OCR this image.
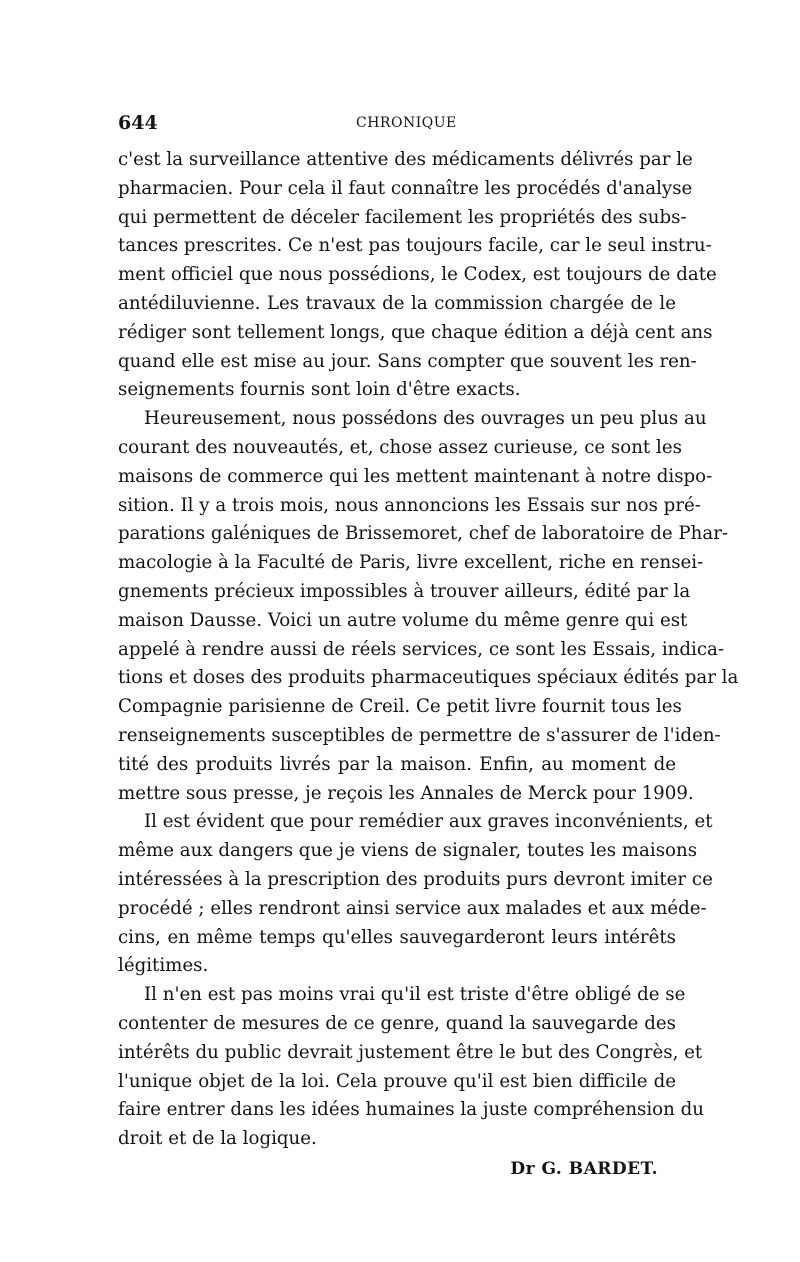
644	CHRONIQUE
c'est la surveillance attentive des médicaments délivrés par le
pharmacien. Pour cela il faut connaître les procédés d'analyse
qui permettent de déceler facilement les propriétés des subs-
tances prescrites. Ce n'est pas toujours facile, car le seul instru-
ment officiel que nous possédions, le Codex, est toujours de date
antédiluvienne. Les travaux de la commission chargée de le
rédiger sont tellement longs, que chaque édition a déjà cent ans
quand elle est mise au jour. Sans compter que souvent les ren-
seignements fournis sont loin d'être exacts.
Heureusement, nous possédons des ouvrages un peu plus au
courant des nouveautés, et, chose assez curieuse, ce sont les
maisons de commerce qui les mettent maintenant à notre dispo-
sition. Il y a trois mois, nous annoncions les Essais sur nos pré-
parations galéniques de Brissemoret, chef de laboratoire de Phar-
macologie à la Faculté de Paris, livre excellent, riche en rensei-
gnements précieux impossibles à trouver ailleurs, édité par la
maison Dausse. Voici un autre volume du même genre qui est
appelé à rendre aussi de réels services, ce sont les Essais, indica-
tions et doses des produits pharmaceutiques spéciaux édités par la
Compagnie parisienne de Creil. Ce petit livre fournit tous les
renseignements susceptibles de permettre de s'assurer de l'iden-
tité des produits livrés par la maison. Enfin, au moment de
mettre sous presse, je reçois les Annales de Merck pour 1909.
Il est évident que pour remédier aux graves inconvénients, et
même aux dangers que je viens de signaler, toutes les maisons
intéressées à la prescription des produits purs devront imiter ce
procédé ; elles rendront ainsi service aux malades et aux méde-
cins, en même temps qu'elles sauvegarderont leurs intérêts
légitimes.
Il n'en est pas moins vrai qu'il est triste d'être obligé de se
contenter de mesures de ce genre, quand la sauvegarde des
intérêts du public devrait justement être le but des Congrès, et
l'unique objet de la loi. Cela prouve qu'il est bien difficile de
faire entrer dans les idées humaines la juste compréhension du
droit et de la logique.
Dr G. BARDET.
